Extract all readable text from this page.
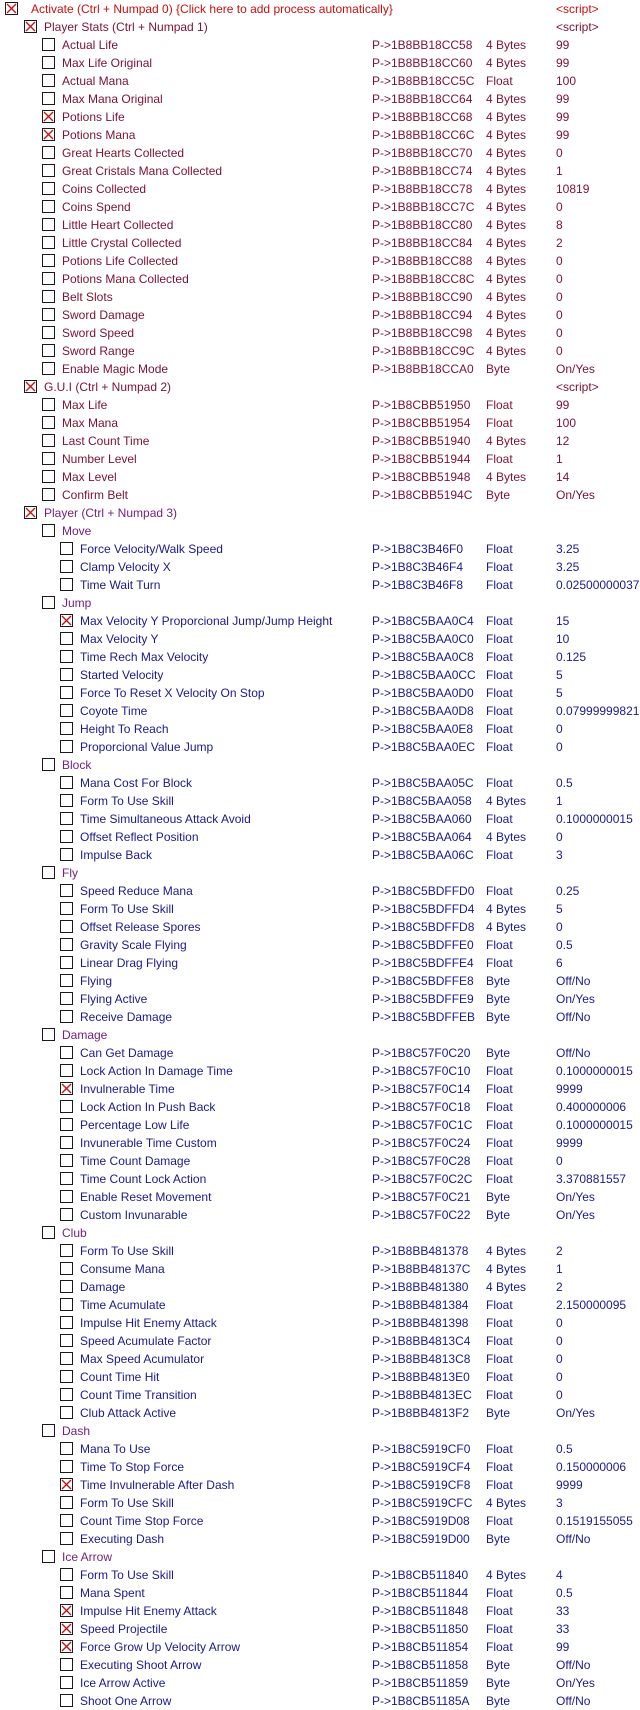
Activate (Ctrl + Numpad 0) {Click here to add process automatically}	<script>
Player Stats (Ctrl + Numpad 1)	<script>
Actual Life	P->1B8BB18CC58 4 Bytes 99
Max Life Original	P->1B8BB18CC60 4 Bytes 99
Actual Mana	P->1B8BB18CC5C Float	100
Max Mana Original	P->1B8BB18CC64 4 Bytes 99
Potions Life	P->1B8BB18CC68 4 Bytes 99
Potions Mana	P->1B8BB18CC6C 4 Bytes 99
Great Hearts Collected	P->1B8BB18CC70 4 Bytes 0
Great Cristals Mana Collected	P->1B8BB18CC74 4 Bytes 1
Coins Collected	P->1B8BB18CC78 4 Bytes 10819
Coins Spend	P->1B8BB18CC7C 4 Bytes 0
Little Heart Collected	P->1B8BB18CC80 4 Bytes 8
Little Crystal Collected	P->1B8BB18CC84 4 Bytes 2
Potions Life Collected	P->1B8BB18CC88 4 Bytes 0
Potions Mana Collected	P->1B8BB18CC8C 4 Bytes 0
Belt Slots	P->1B8BB18CC90 4 Bytes 0
Sword Damage	P->1B8BB18CC94 4 Bytes 0
Sword Speed	P->1B8BB18CC98 4 Bytes 0
Sword Range	P->1B8BB18CC9C 4 Bytes 0
Enable Magic Mode	P->1B8BB18CCA0 Byte	On/Yes
G.U.I (Ctrl + Numpad 2)	<script>
Max Life	P->1B8CBB51950 Float	99
Max Mana	P->1B8CBB51954 Float	100
Last Count Time	P->1B8CBB51940 4 Bytes 12
Number Level	P->1B8CBB51944 Float	1
Max Level	P->1B8CBB51948 4 Bytes 14
Confirm Belt	P->1B8CBB5194C Byte	On/Yes
Player (Ctrl + Numpad 3)
Move
Force Velocity/Walk Speed	P->1B8C3B46F0 Float	3.25
Clamp Velocity X	P->1B8C3B46F4 Float	3.25
Time Wait Turn	P->1B8C3B46F8 Float	0.02500000037
Jump
Max Velocity Y Proporcional Jump/Jump Height	P->1B8C5BAA0C4 Float	15
Max Velocity Y	P->1B8C5BAA0C0 Float	10
Time Rech Max Velocity	P->1B8C5BAA0C8 Float	0.125
Started Velocity	P->1B8C5BAA0CC Float	5
Force To Reset X Velocity On Stop	P->1B8C5BAA0D0 Float	5
Coyote Time	P->1B8C5BAA0D8 Float	0.07999999821
Height To Reach	P->1B8C5BAA0E8 Float	0
Proporcional Value Jump	P->1B8C5BAA0EC Float	0
Block
Mana Cost For Block	P->1B8C5BAA05C Float	0.5
Form To Use Skill	P->1B8C5BAA058 4 Bytes 1
Time Simultaneous Attack Avoid	P->1B8C5BAA060 Float	0.1000000015
Offset Reflect Position	P->1B8C5BAA064 4 Bytes 0
Impulse Back	P->1B8C5BAA06C Float	3
Fly
Speed Reduce Mana	P->1B8C5BDFFD0 Float	0.25
Form To Use Skill	P->1B8C5BDFFD4 4 Bytes 5
Offset Release Spores	P->1B8C5BDFFD8 4 Bytes 0
Gravity Scale Flying	P->1B8C5BDFFE0 Float	0.5
Linear Drag Flying	P->1B8C5BDFFE4 Float	6
Flying	P->1B8C5BDFFE8 Byte	Off/No
Flying Active	P->1B8C5BDFFE9 Byte	On/Yes
Receive Damage	P->1B8C5BDFFEB Byte	Off/No
Damage
Can Get Damage	P->1B8C57F0C20 Byte	Off/No
Lock Action In Damage Time	P->1B8C57F0C10 Float	0.1000000015
Invulnerable Time	P->1B8C57F0C14 Float	9999
Lock Action In Push Back	P->1B8C57F0C18 Float	0.400000006
Percentage Low Life	P->1B8C57F0C1C Float	0.1000000015
Invunerable Time Custom	P->1B8C57F0C24 Float	9999
Time Count Damage	P->1B8C57F0C28 Float	0
Time Count Lock Action	P->1B8C57F0C2C Float	3.370881557
Enable Reset Movement	P->1B8C57F0C21 Byte	On/Yes
Custom Invunarable	P->1B8C57F0C22 Byte	On/Yes
Club
Form To Use Skill	P->1B8BB481378 4 Bytes 2
Consume Mana	P->1B8BB48137C 4 Bytes 1
Damage	P->1B8BB481380 4 Bytes 2
Time Acumulate	P->1B8BB481384 Float	2.150000095
Impulse Hit Enemy Attack	P->1B8BB481398 Float	0
Speed Acumulate Factor	P->1B8BB4813C4 Float	0
Max Speed Acumulator	P->1B8BB4813C8 Float	0
Count Time Hit	P->1B8BB4813E0 Float	0
Count Time Transition	P->1B8BB4813EC Float	0
Club Attack Active	P->1B8BB4813F2 Byte	On/Yes
Dash
Mana To Use	P->1B8C5919CF0 Float	0.5
Time To Stop Force	P->1B8C5919CF4 Float	0.150000006
Time Invulnerable After Dash	P->1B8C5919CF8 Float	9999
Form To Use Skill	P->1B8C5919CFC 4 Bytes 3
Count Time Stop Force	P->1B8C5919D08 Float	0.1519155055
Executing Dash	P->1B8C5919D00 Byte	Off/No
Ice Arrow
Form To Use Skill	P->1B8CB511840 4 Bytes 4
Mana Spent	P->1B8CB511844 Float	0.5
Impulse Hit Enemy Attack	P->1B8CB511848 Float	33
Speed Projectile	P->1B8CB511850 Float	33
Force Grow Up Velocity Arrow	P->1B8CB511854 Float	99
Executing Shoot Arrow	P->1B8CB511858 Byte	Off/No
Ice Arrow Active	P->1B8CB511859 Byte	On/Yes
Shoot One Arrow	P->1B8CB51185A Byte	Off/No
